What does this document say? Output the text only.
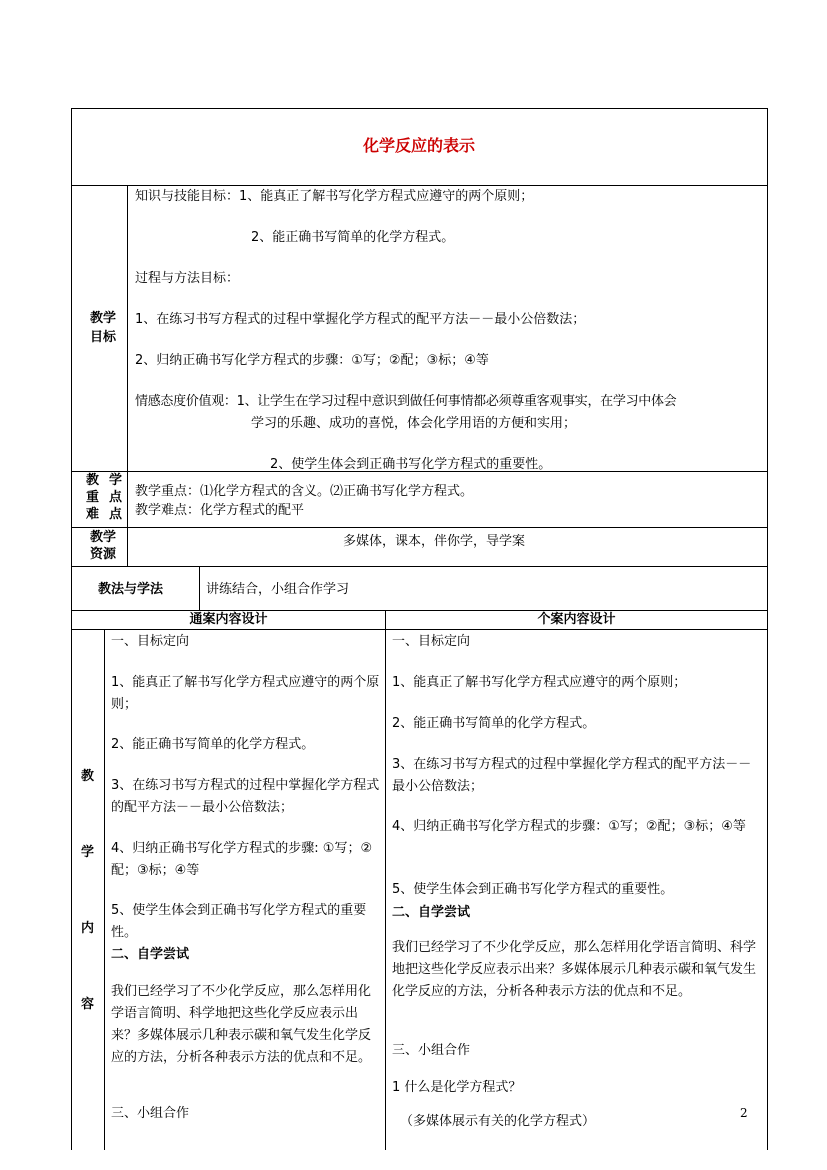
化学反应的表示
教学目标
知识与技能目标：1、能真正了解书写化学方程式应遵守的两个原则；
2、能正确书写简单的化学方程式。
过程与方法目标：
1、在练习书写方程式的过程中掌握化学方程式的配平方法－－最小公倍数法；
2、归纳正确书写化学方程式的步骤：①写；②配；③标；④等
情感态度价值观：1、让学生在学习过程中意识到做任何事情都必须尊重客观事实，在学习中体会
学习的乐趣、成功的喜悦，体会化学用语的方便和实用；
2、使学生体会到正确书写化学方程式的重要性。
教 学
重 点
难 点
教学重点：⑴化学方程式的含义。⑵正确书写化学方程式。
教学难点：化学方程式的配平
教学
资源
多媒体，课本，伴你学，导学案
教法与学法	讲练结合，小组合作学习
通案内容设计	个案内容设计
教
学
内
容
一、目标定向
1、能真正了解书写化学方程式应遵守的两个原则；
2、能正确书写简单的化学方程式。
3、在练习书写方程式的过程中掌握化学方程式的配平方法－－最小公倍数法；
4、归纳正确书写化学方程式的步骤: ①写；②配；③标；④等
5、使学生体会到正确书写化学方程式的重要性。
二、自学尝试
我们已经学习了不少化学反应，那么怎样用化学语言简明、科学地把这些化学反应表示出来？多媒体展示几种表示碳和氧气发生化学反应的方法，分析各种表示方法的优点和不足。
三、小组合作
一、目标定向
1、能真正了解书写化学方程式应遵守的两个原则；
2、能正确书写简单的化学方程式。
3、在练习书写方程式的过程中掌握化学方程式的配平方法－－最小公倍数法；
4、归纳正确书写化学方程式的步骤：①写；②配；③标；④等
5、使学生体会到正确书写化学方程式的重要性。
二、自学尝试
我们已经学习了不少化学反应，那么怎样用化学语言简明、科学地把这些化学反应表示出来？多媒体展示几种表示碳和氧气发生化学反应的方法，分析各种表示方法的优点和不足。
三、小组合作
1 什么是化学方程式？
（多媒体展示有关的化学方程式）
2
